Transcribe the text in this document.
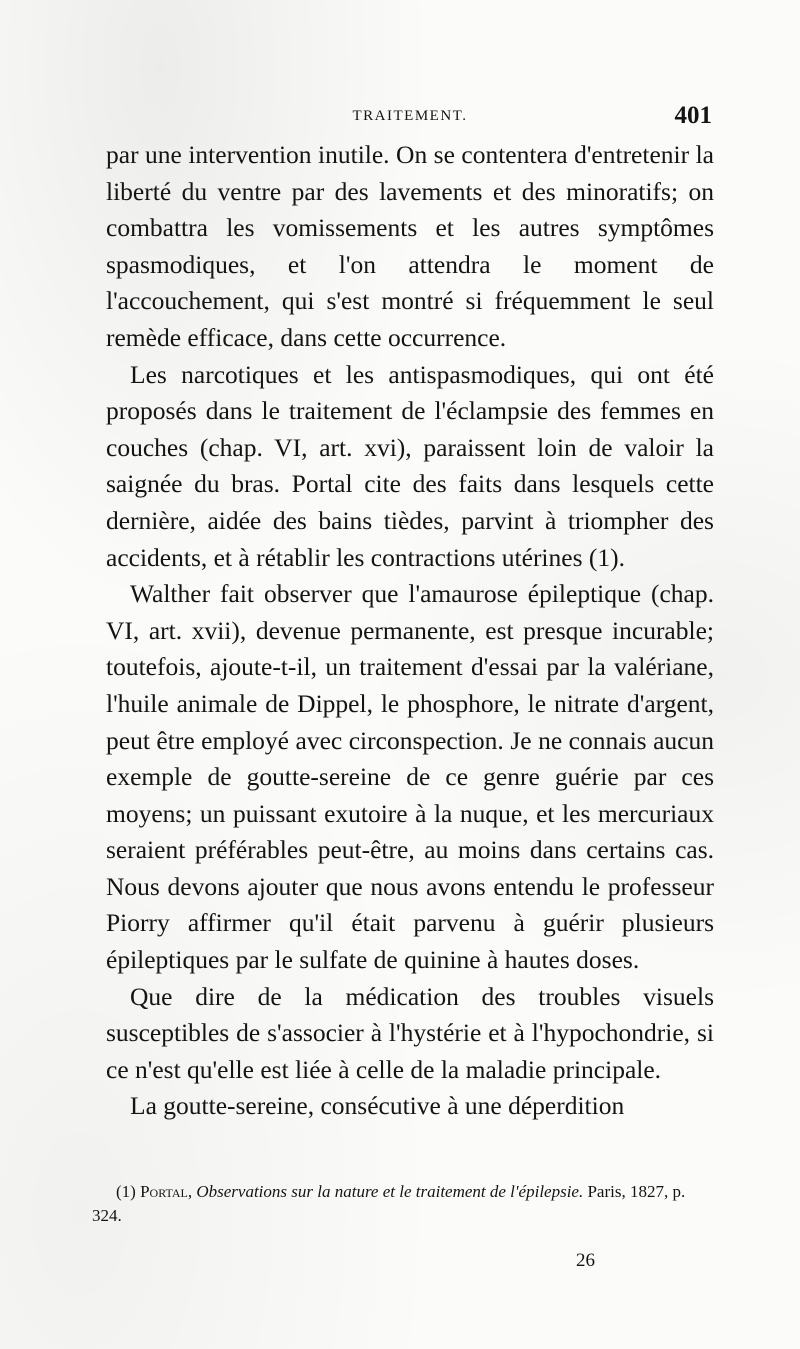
TRAITEMENT.	401

par une intervention inutile. On se contentera d'entretenir la liberté du ventre par des lavements et des minoratifs; on combattra les vomissements et les autres symptômes spasmodiques, et l'on attendra le moment de l'accouchement, qui s'est montré si fréquemment le seul remède efficace, dans cette occurrence.

Les narcotiques et les antispasmodiques, qui ont été proposés dans le traitement de l'éclampsie des femmes en couches (chap. VI, art. xvi), paraissent loin de valoir la saignée du bras. Portal cite des faits dans lesquels cette dernière, aidée des bains tièdes, parvint à triompher des accidents, et à rétablir les contractions utérines (1).

Walther fait observer que l'amaurose épileptique (chap. VI, art. xvii), devenue permanente, est presque incurable; toutefois, ajoute-t-il, un traitement d'essai par la valériane, l'huile animale de Dippel, le phosphore, le nitrate d'argent, peut être employé avec circonspection. Je ne connais aucun exemple de goutte-sereine de ce genre guérie par ces moyens; un puissant exutoire à la nuque, et les mercuriaux seraient préférables peut-être, au moins dans certains cas. Nous devons ajouter que nous avons entendu le professeur Piorry affirmer qu'il était parvenu à guérir plusieurs épileptiques par le sulfate de quinine à hautes doses.

Que dire de la médication des troubles visuels susceptibles de s'associer à l'hystérie et à l'hypochondrie, si ce n'est qu'elle est liée à celle de la maladie principale.

La goutte-sereine, consécutive à une déperdition

(1) Portal, Observations sur la nature et le traitement de l'épilepsie. Paris, 1827, p. 324.

26
